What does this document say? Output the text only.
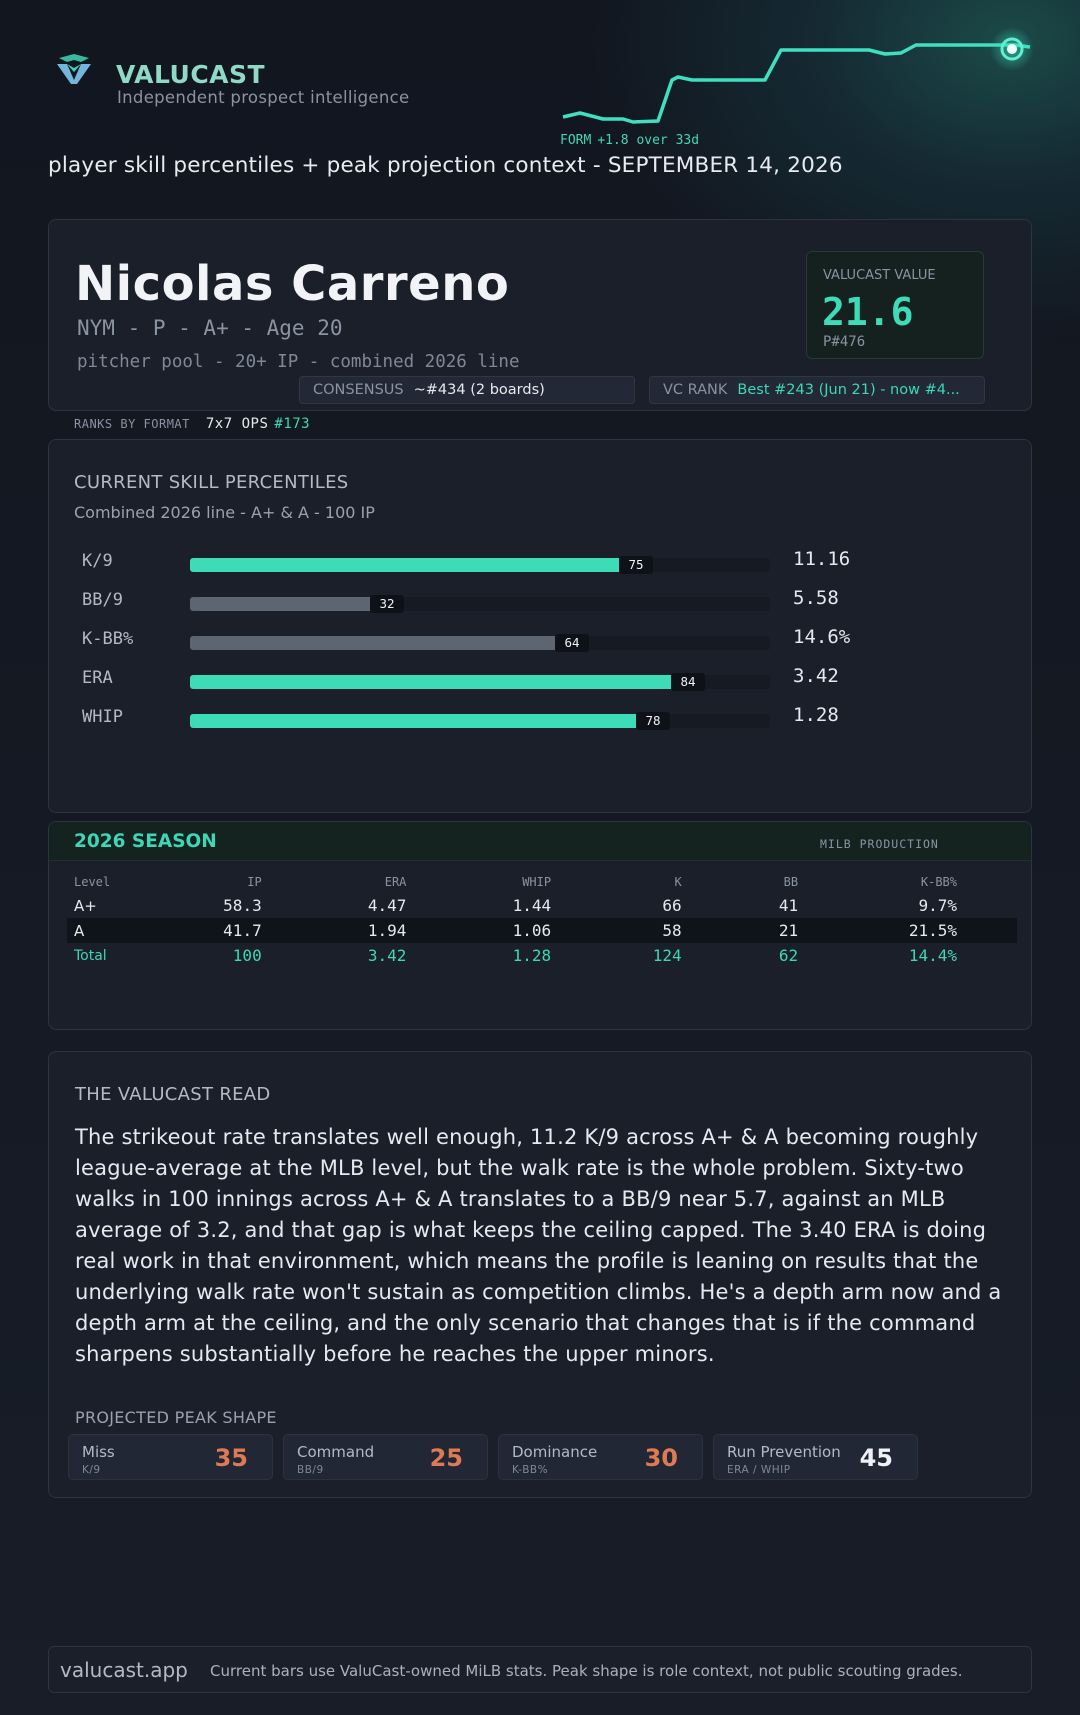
VALUCAST
Independent prospect intelligence
FORM +1.8 over 33d
player skill percentiles + peak projection context - SEPTEMBER 14, 2026
Nicolas Carreno
NYM - P - A+ - Age 20
pitcher pool - 20+ IP - combined 2026 line
VALUCAST VALUE
21.6
P#476
CONSENSUS ~#434 (2 boards)	VC RANK Best #243 (Jun 21) - now #4...
RANKS BY FORMAT 7x7 OPS #173
CURRENT SKILL PERCENTILES
Combined 2026 line - A+ & A - 100 IP
K/9	75	11.16
BB/9	32	5.58
K-BB%	64	14.6%
ERA	84	3.42
WHIP	78	1.28
2026 SEASON	MILB PRODUCTION
Level	IP	ERA	WHIP	K	BB	K-BB%
A+	58.3	4.47	1.44	66	41	9.7%
A	41.7	1.94	1.06	58	21	21.5%
Total	100	3.42	1.28	124	62	14.4%
THE VALUCAST READ
The strikeout rate translates well enough, 11.2 K/9 across A+ & A becoming roughly league-average at the MLB level, but the walk rate is the whole problem. Sixty-two walks in 100 innings across A+ & A translates to a BB/9 near 5.7, against an MLB average of 3.2, and that gap is what keeps the ceiling capped. The 3.40 ERA is doing real work in that environment, which means the profile is leaning on results that the underlying walk rate won't sustain as competition climbs. He's a depth arm now and a depth arm at the ceiling, and the only scenario that changes that is if the command sharpens substantially before he reaches the upper minors.
PROJECTED PEAK SHAPE
Miss
K/9	35	Command
BB/9	25	Dominance
K-BB%	30	Run Prevention
ERA / WHIP	45
valucast.app Current bars use ValuCast-owned MiLB stats. Peak shape is role context, not public scouting grades.
